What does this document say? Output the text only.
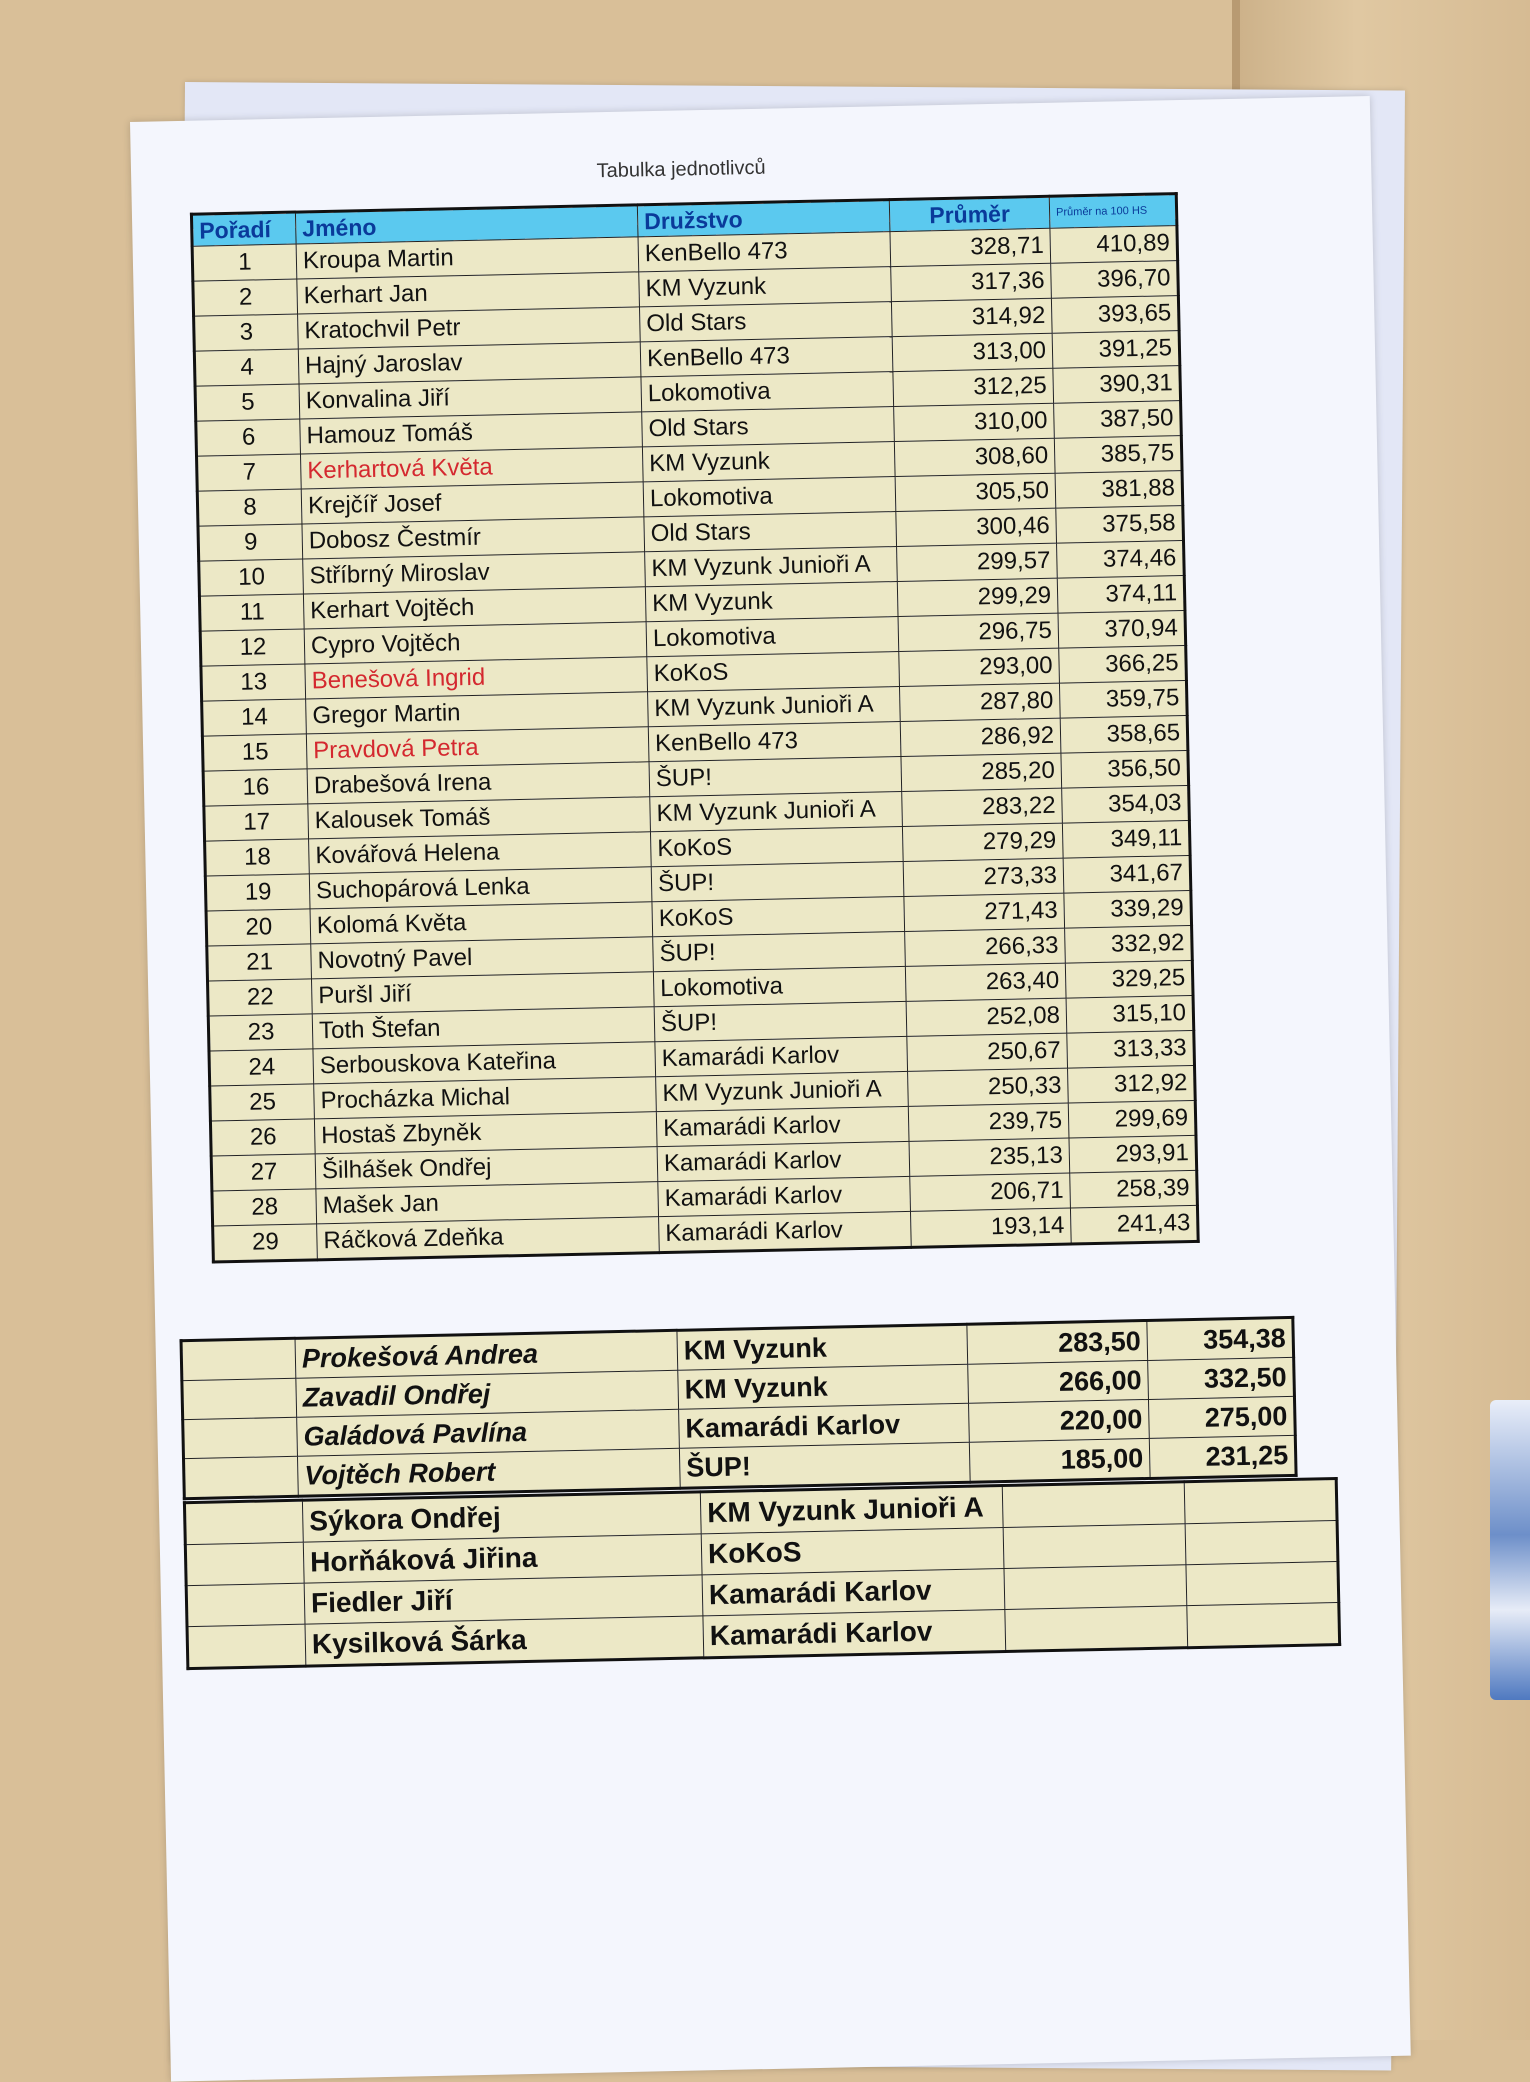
Tabulka jednotlivců
Pořadí	Jméno	Družstvo	Průměr	Průměr na 100 HS
1	Kroupa Martin	KenBello 473	328,71	410,89
2	Kerhart Jan	KM Vyzunk	317,36	396,70
3	Kratochvil Petr	Old Stars	314,92	393,65
4	Hajný Jaroslav	KenBello 473	313,00	391,25
5	Konvalina Jiří	Lokomotiva	312,25	390,31
6	Hamouz Tomáš	Old Stars	310,00	387,50
7	Kerhartová Květa	KM Vyzunk	308,60	385,75
8	Krejčíř Josef	Lokomotiva	305,50	381,88
9	Dobosz Čestmír	Old Stars	300,46	375,58
10	Stříbrný Miroslav	KM Vyzunk Junioři A	299,57	374,46
11	Kerhart Vojtěch	KM Vyzunk	299,29	374,11
12	Cypro Vojtěch	Lokomotiva	296,75	370,94
13	Benešová Ingrid	KoKoS	293,00	366,25
14	Gregor Martin	KM Vyzunk Junioři A	287,80	359,75
15	Pravdová Petra	KenBello 473	286,92	358,65
16	Drabešová Irena	ŠUP!	285,20	356,50
17	Kalousek Tomáš	KM Vyzunk Junioři A	283,22	354,03
18	Kovářová Helena	KoKoS	279,29	349,11
19	Suchopárová Lenka	ŠUP!	273,33	341,67
20	Kolomá Květa	KoKoS	271,43	339,29
21	Novotný Pavel	ŠUP!	266,33	332,92
22	Puršl Jiří	Lokomotiva	263,40	329,25
23	Toth Štefan	ŠUP!	252,08	315,10
24	Serbouskova Kateřina	Kamarádi Karlov	250,67	313,33
25	Procházka Michal	KM Vyzunk Junioři A	250,33	312,92
26	Hostaš Zbyněk	Kamarádi Karlov	239,75	299,69
27	Šilhášek Ondřej	Kamarádi Karlov	235,13	293,91
28	Mašek Jan	Kamarádi Karlov	206,71	258,39
29	Ráčková Zdeňka	Kamarádi Karlov	193,14	241,43
	Prokešová Andrea	KM Vyzunk	283,50	354,38
	Zavadil Ondřej	KM Vyzunk	266,00	332,50
	Galádová Pavlína	Kamarádi Karlov	220,00	275,00
	Vojtěch Robert	ŠUP!	185,00	231,25
	Sýkora Ondřej	KM Vyzunk Junioři A		
	Horňáková Jiřina	KoKoS		
	Fiedler Jiří	Kamarádi Karlov		
	Kysilková Šárka	Kamarádi Karlov		
